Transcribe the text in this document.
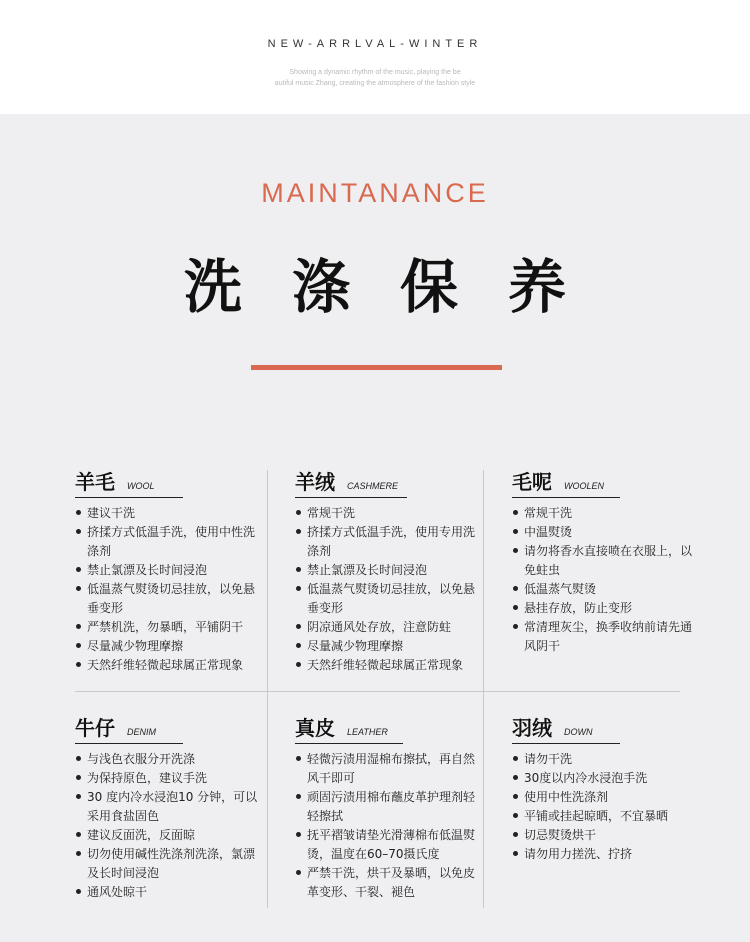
NEW-ARRLVAL-WINTER
Showing a dynamic rhythm of the music, playing the be
autiful music Zhang, creating the atmosphere of the fashion style
MAINTANANCE
洗涤保养
羊毛 WOOL
建议干洗
挤揉方式低温手洗，使用中性洗涤剂
禁止氯漂及长时间浸泡
低温蒸气熨烫切忌挂放，以免悬垂变形
严禁机洗，勿暴晒，平铺阴干
尽量减少物理摩擦
天然纤维轻微起球属正常现象
羊绒 CASHMERE
常规干洗
挤揉方式低温手洗，使用专用洗涤剂
禁止氯漂及长时间浸泡
低温蒸气熨烫切忌挂放，以免悬垂变形
阴凉通风处存放，注意防蛀
尽量减少物理摩擦
天然纤维轻微起球属正常现象
毛呢 WOOLEN
常规干洗
中温熨烫
请勿将香水直接喷在衣服上，以免蛀虫
低温蒸气熨烫
悬挂存放，防止变形
常清理灰尘，换季收纳前请先通风阴干
牛仔 DENIM
与浅色衣服分开洗涤
为保持原色，建议手洗
30 度内冷水浸泡10 分钟，可以采用食盐固色
建议反面洗，反面晾
切勿使用碱性洗涤剂洗涤，氯漂及长时间浸泡
通风处晾干
真皮 LEATHER
轻微污渍用湿棉布擦拭，再自然风干即可
顽固污渍用棉布蘸皮革护理剂轻轻擦拭
抚平褶皱请垫光滑薄棉布低温熨烫，温度在60–70摄氏度
严禁干洗，烘干及暴晒，以免皮革变形、干裂、褪色
羽绒 DOWN
请勿干洗
30度以内冷水浸泡手洗
使用中性洗涤剂
平铺或挂起晾晒，不宜暴晒
切忌熨烫烘干
请勿用力搓洗、拧挤
